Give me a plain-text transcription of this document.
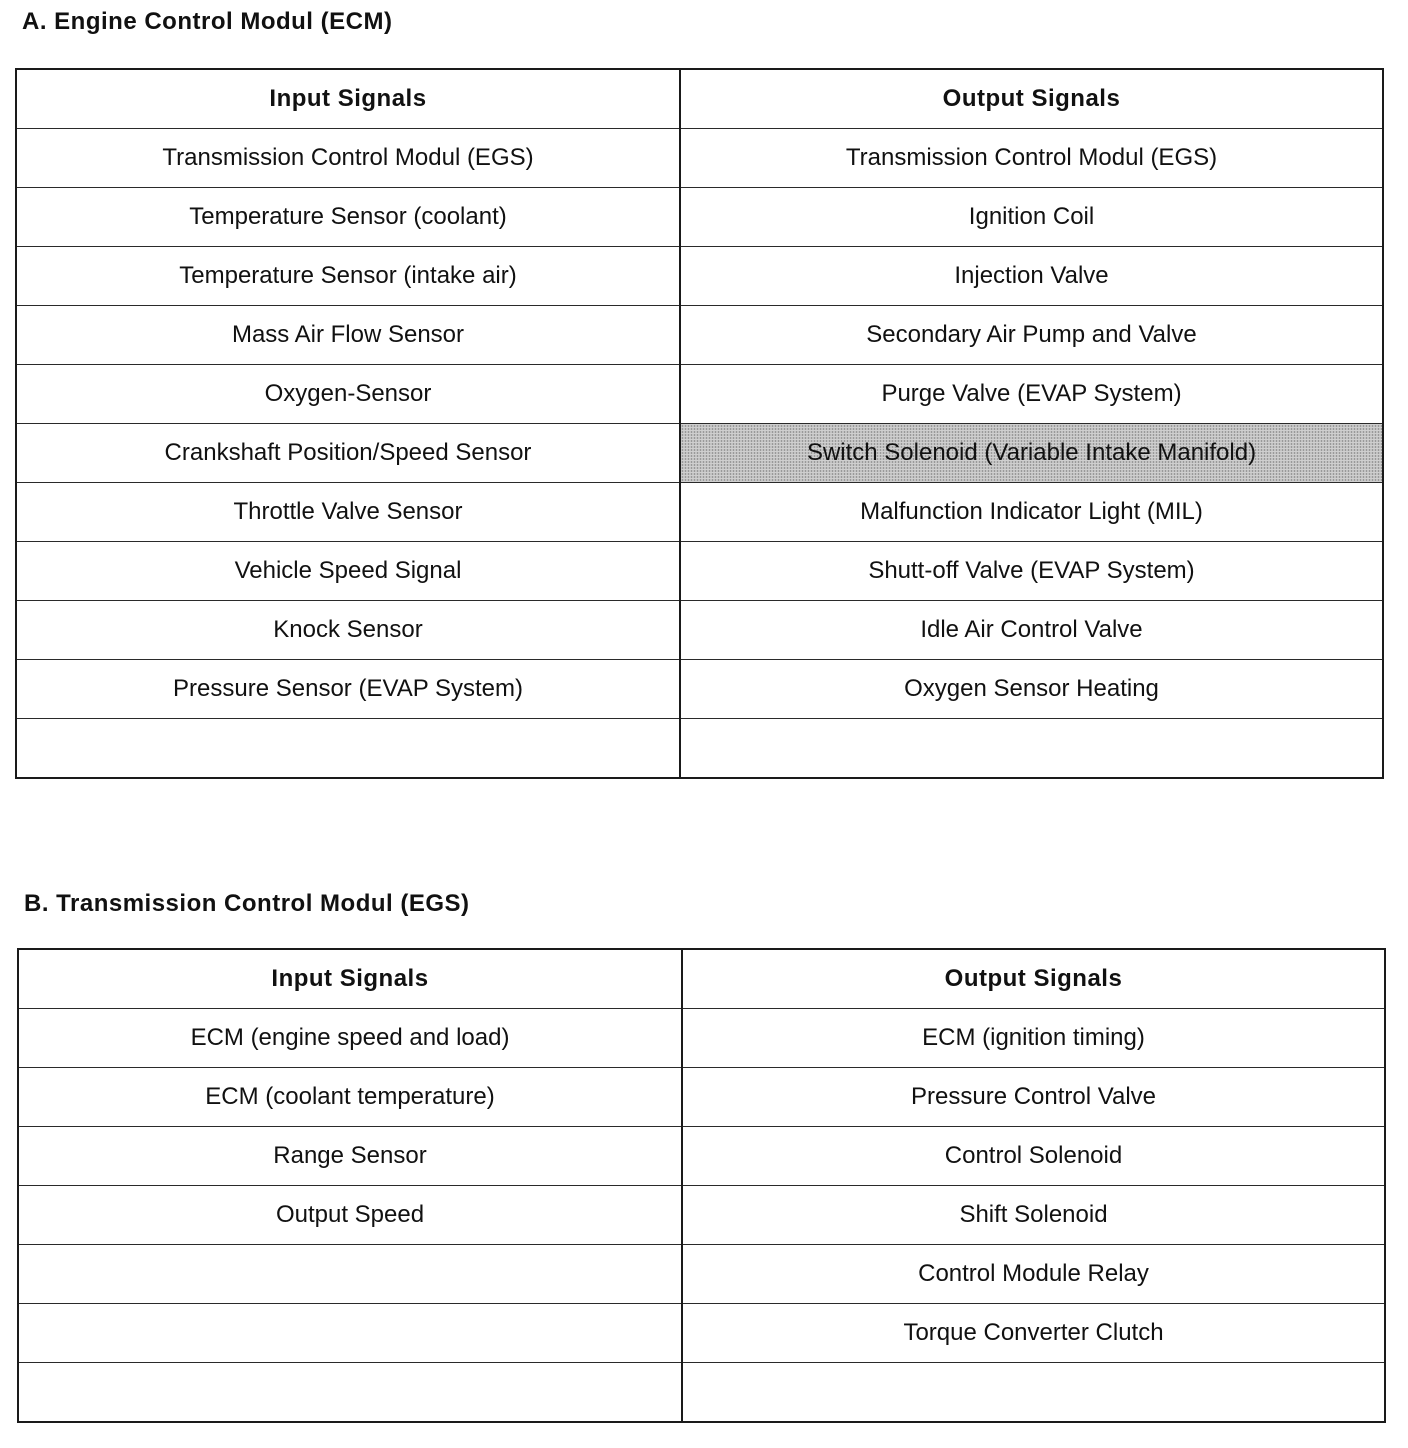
A. Engine Control Modul (ECM)
Input Signals	Output Signals
Transmission Control Modul (EGS)	Transmission Control Modul (EGS)
Temperature Sensor (coolant)	Ignition Coil
Temperature Sensor (intake air)	Injection Valve
Mass Air Flow Sensor	Secondary Air Pump and Valve
Oxygen-Sensor	Purge Valve (EVAP System)
Crankshaft Position/Speed Sensor	Switch Solenoid (Variable Intake Manifold)
Throttle Valve Sensor	Malfunction Indicator Light (MIL)
Vehicle Speed Signal	Shutt-off Valve (EVAP System)
Knock Sensor	Idle Air Control Valve
Pressure Sensor (EVAP System)	Oxygen Sensor Heating

B. Transmission Control Modul (EGS)
Input Signals	Output Signals
ECM (engine speed and load)	ECM (ignition timing)
ECM (coolant temperature)	Pressure Control Valve
Range Sensor	Control Solenoid
Output Speed	Shift Solenoid
	Control Module Relay
	Torque Converter Clutch
